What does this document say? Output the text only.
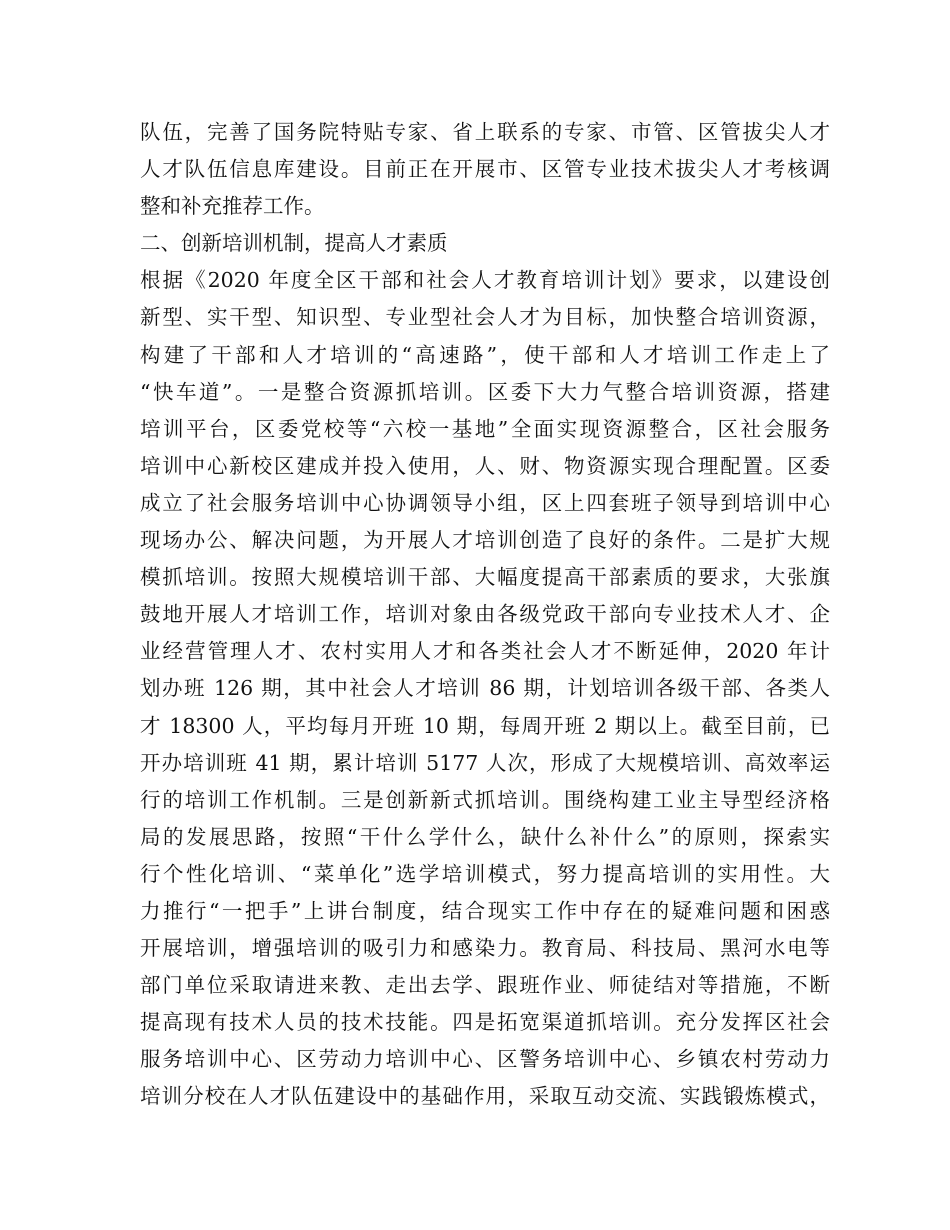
队伍，完善了国务院特贴专家、省上联系的专家、市管、区管拔尖人才
人才队伍信息库建设。目前正在开展市、区管专业技术拔尖人才考核调
整和补充推荐工作。
二、创新培训机制，提高人才素质
根据《2020 年度全区干部和社会人才教育培训计划》要求，以建设创
新型、实干型、知识型、专业型社会人才为目标，加快整合培训资源，
构建了干部和人才培训的“高速路”，使干部和人才培训工作走上了
“快车道”。一是整合资源抓培训。区委下大力气整合培训资源，搭建
培训平台，区委党校等“六校一基地”全面实现资源整合，区社会服务
培训中心新校区建成并投入使用，人、财、物资源实现合理配置。区委
成立了社会服务培训中心协调领导小组，区上四套班子领导到培训中心
现场办公、解决问题，为开展人才培训创造了良好的条件。二是扩大规
模抓培训。按照大规模培训干部、大幅度提高干部素质的要求，大张旗
鼓地开展人才培训工作，培训对象由各级党政干部向专业技术人才、企
业经营管理人才、农村实用人才和各类社会人才不断延伸，2020 年计
划办班 126 期，其中社会人才培训 86 期，计划培训各级干部、各类人
才 18300 人，平均每月开班 10 期，每周开班 2 期以上。截至目前，已
开办培训班 41 期，累计培训 5177 人次，形成了大规模培训、高效率运
行的培训工作机制。三是创新新式抓培训。围绕构建工业主导型经济格
局的发展思路，按照“干什么学什么，缺什么补什么”的原则，探索实
行个性化培训、“菜单化”选学培训模式，努力提高培训的实用性。大
力推行“一把手”上讲台制度，结合现实工作中存在的疑难问题和困惑
开展培训，增强培训的吸引力和感染力。教育局、科技局、黑河水电等
部门单位采取请进来教、走出去学、跟班作业、师徒结对等措施，不断
提高现有技术人员的技术技能。四是拓宽渠道抓培训。充分发挥区社会
服务培训中心、区劳动力培训中心、区警务培训中心、乡镇农村劳动力
培训分校在人才队伍建设中的基础作用，采取互动交流、实践锻炼模式，
